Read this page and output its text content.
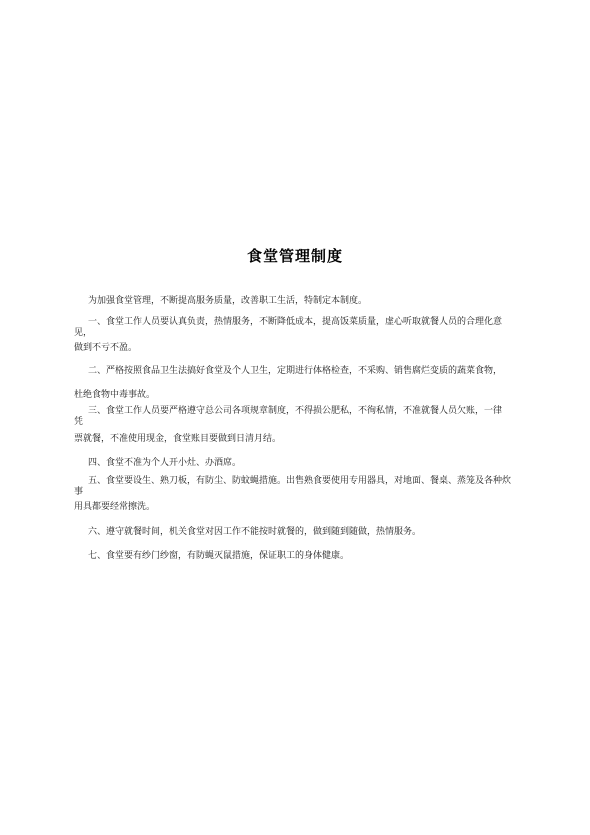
食堂管理制度
为加强食堂管理，不断提高服务质量，改善职工生活，特制定本制度。
一、食堂工作人员要认真负责，热情服务，不断降低成本，提高饭菜质量，虚心听取就餐人员的合理化意
见，
做到不亏不盈。
二、严格按照食品卫生法搞好食堂及个人卫生，定期进行体格检查，不采购、销售腐烂变质的蔬菜食物，
杜绝食物中毒事故。
三、食堂工作人员要严格遵守总公司各项规章制度，不得损公肥私，不徇私情，不准就餐人员欠账，一律
凭
票就餐，不准使用现金，食堂账目要做到日清月结。
四、食堂不准为个人开小灶、办酒席。
五、食堂要设生、熟刀板，有防尘、防蚊蝇措施。出售熟食要使用专用器具，对地面、餐桌、蒸笼及各种炊
事
用具都要经常擦洗。
六、遵守就餐时间，机关食堂对因工作不能按时就餐的，做到随到随做，热情服务。
七、食堂要有纱门纱窗，有防蝇灭鼠措施，保证职工的身体健康。
